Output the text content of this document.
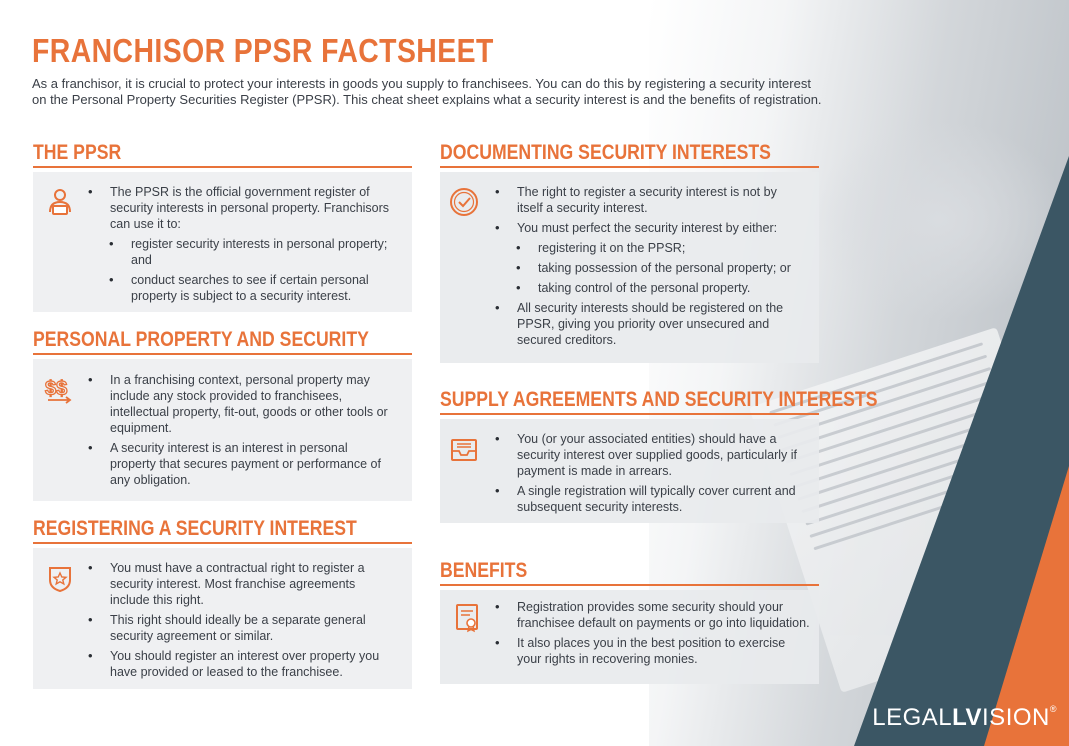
LEGALLVISION®
FRANCHISOR PPSR FACTSHEET
As a franchisor, it is crucial to protect your interests in goods you supply to franchisees. You can do this by registering a security interest on the Personal Property Securities Register (PPSR). This cheat sheet explains what a security interest is and the benefits of registration.
THE PPSR
• The PPSR is the official government register of security interests in personal property. Franchisors can use it to:
• register security interests in personal property; and
• conduct searches to see if certain personal property is subject to a security interest.
PERSONAL PROPERTY AND SECURITY
$$
•	In a franchising context, personal property may include any stock provided to franchisees, intellectual property, fit-out, goods or other tools or equipment.
• A security interest is an interest in personal property that secures payment or performance of any obligation.
REGISTERING A SECURITY INTEREST
• You must have a contractual right to register a security interest. Most franchise agreements include this right.
• This right should ideally be a separate general security agreement or similar.
• You should register an interest over property you have provided or leased to the franchisee.
DOCUMENTING SECURITY INTERESTS
• The right to register a security interest is not by itself a security interest.
• You must perfect the security interest by either:
• registering it on the PPSR;
• taking possession of the personal property; or
• taking control of the personal property.
• All security interests should be registered on the PPSR, giving you priority over unsecured and secured creditors.
SUPPLY AGREEMENTS AND SECURITY INTERESTS
• You (or your associated entities) should have a security interest over supplied goods, particularly if payment is made in arrears.
• A single registration will typically cover current and subsequent security interests.
BENEFITS
• Registration provides some security should your franchisee default on payments or go into liquidation.
• It also places you in the best position to exercise your rights in recovering monies.
